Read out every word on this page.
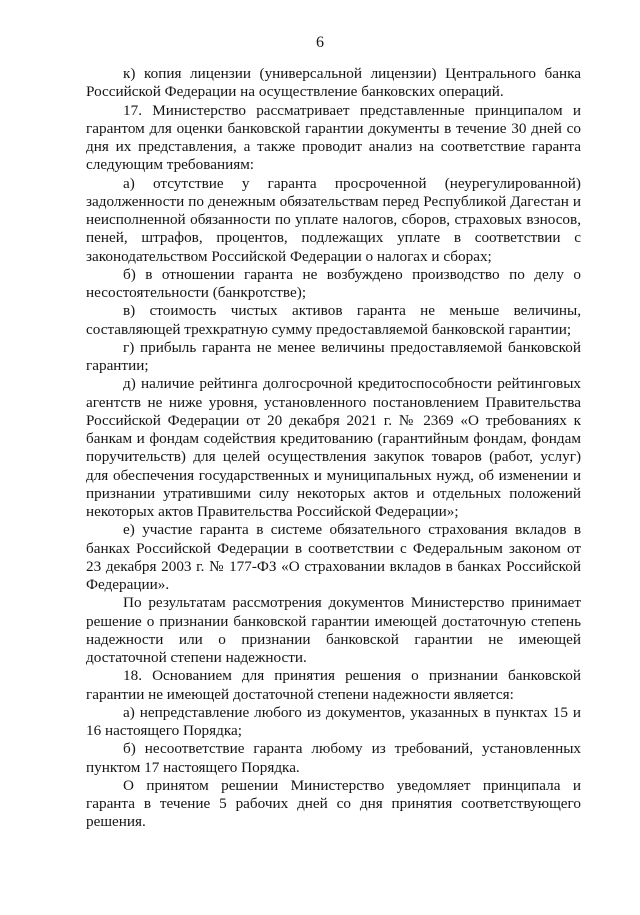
6

к) копия лицензии (универсальной лицензии) Центрального банка Российской Федерации на осуществление банковских операций.

17. Министерство рассматривает представленные принципалом и гарантом для оценки банковской гарантии документы в течение 30 дней со дня их представления, а также проводит анализ на соответствие гаранта следующим требованиям:

а) отсутствие у гаранта просроченной (неурегулированной) задолженности по денежным обязательствам перед Республикой Дагестан и неисполненной обязанности по уплате налогов, сборов, страховых взносов, пеней, штрафов, процентов, подлежащих уплате в соответствии с законодательством Российской Федерации о налогах и сборах;

б) в отношении гаранта не возбуждено производство по делу о несостоятельности (банкротстве);

в) стоимость чистых активов гаранта не меньше величины, составляющей трехкратную сумму предоставляемой банковской гарантии;

г) прибыль гаранта не менее величины предоставляемой банковской гарантии;

д) наличие рейтинга долгосрочной кредитоспособности рейтинговых агентств не ниже уровня, установленного постановлением Правительства Российской Федерации от 20 декабря 2021 г. № 2369 «О требованиях к банкам и фондам содействия кредитованию (гарантийным фондам, фондам поручительств) для целей осуществления закупок товаров (работ, услуг) для обеспечения государственных и муниципальных нужд, об изменении и признании утратившими силу некоторых актов и отдельных положений некоторых актов Правительства Российской Федерации»;

е) участие гаранта в системе обязательного страхования вкладов в банках Российской Федерации в соответствии с Федеральным законом от 23 декабря 2003 г. № 177-ФЗ «О страховании вкладов в банках Российской Федерации».

По результатам рассмотрения документов Министерство принимает решение о признании банковской гарантии имеющей достаточную степень надежности или о признании банковской гарантии не имеющей достаточной степени надежности.

18. Основанием для принятия решения о признании банковской гарантии не имеющей достаточной степени надежности является:

а) непредставление любого из документов, указанных в пунктах 15 и 16 настоящего Порядка;

б) несоответствие гаранта любому из требований, установленных пунктом 17 настоящего Порядка.

О принятом решении Министерство уведомляет принципала и гаранта в течение 5 рабочих дней со дня принятия соответствующего решения.
